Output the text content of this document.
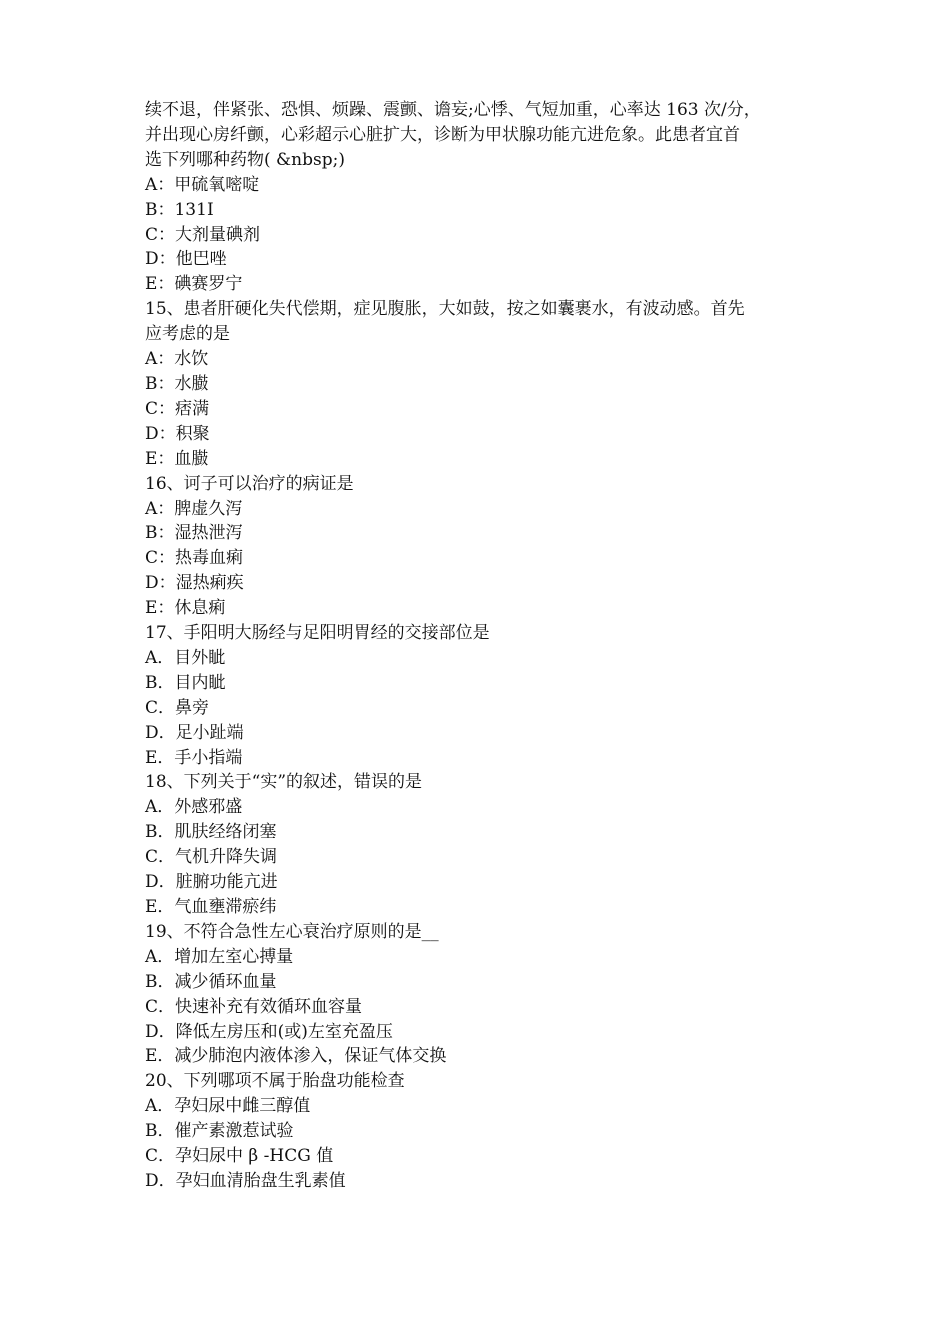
续不退，伴紧张、恐惧、烦躁、震颤、谵妄;心悸、气短加重，心率达 163 次/分，

并出现心房纤颤，心彩超示心脏扩大，诊断为甲状腺功能亢进危象。此患者宜首

选下列哪种药物( &nbsp;)

A：甲硫氧嘧啶

B：131I

C：大剂量碘剂

D：他巴唑

E：碘赛罗宁

15、患者肝硬化失代偿期，症见腹胀，大如鼓，按之如囊裹水，有波动感。首先

应考虑的是

A：水饮

B：水臌

C：痞满

D：积聚

E：血臌

16、诃子可以治疗的病证是

A：脾虚久泻

B：湿热泄泻

C：热毒血痢

D：湿热痢疾

E：休息痢

17、手阳明大肠经与足阳明胃经的交接部位是

A．目外眦

B．目内眦

C．鼻旁

D．足小趾端

E．手小指端

18、下列关于“实”的叙述，错误的是

A．外感邪盛

B．肌肤经络闭塞

C．气机升降失调

D．脏腑功能亢进

E．气血壅滞瘀纬

19、不符合急性左心衰治疗原则的是__

A．增加左室心搏量

B．减少循环血量

C．快速补充有效循环血容量

D．降低左房压和(或)左室充盈压

E．减少肺泡内液体渗入，保证气体交换

20、下列哪项不属于胎盘功能检查

A．孕妇尿中雌三醇值

B．催产素激惹试验

C．孕妇尿中 β -HCG 值

D．孕妇血清胎盘生乳素值
